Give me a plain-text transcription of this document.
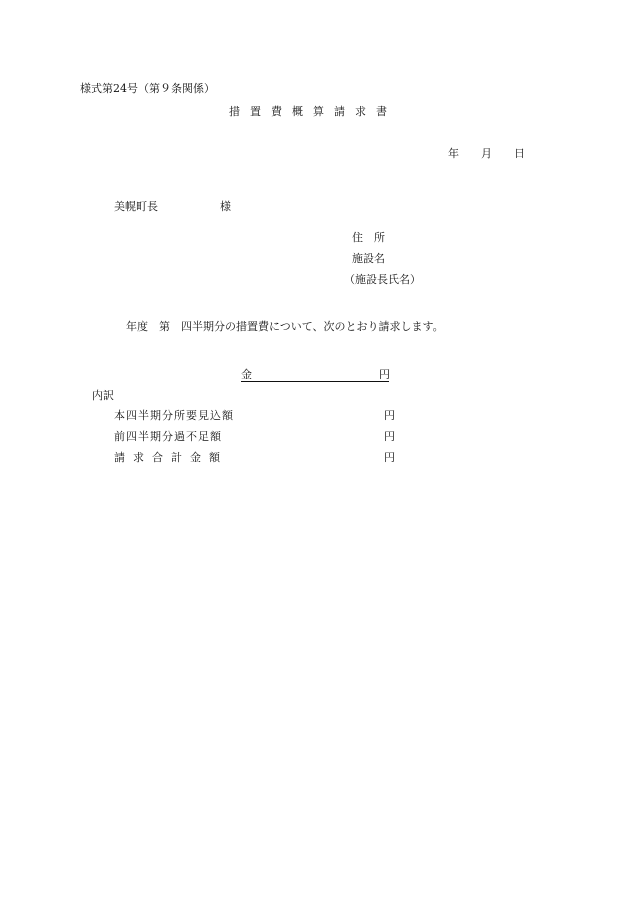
様式第24号（第９条関係）
措置費概算請求書
年 月 日
美幌町長	様
住　所
施設名
（施設長氏名）
年度　第　四半期分の措置費について、次のとおり請求します。
金	円
内訳
本四半期分所要見込額	円
前四半期分過不足額	円
請求合計金額	円
